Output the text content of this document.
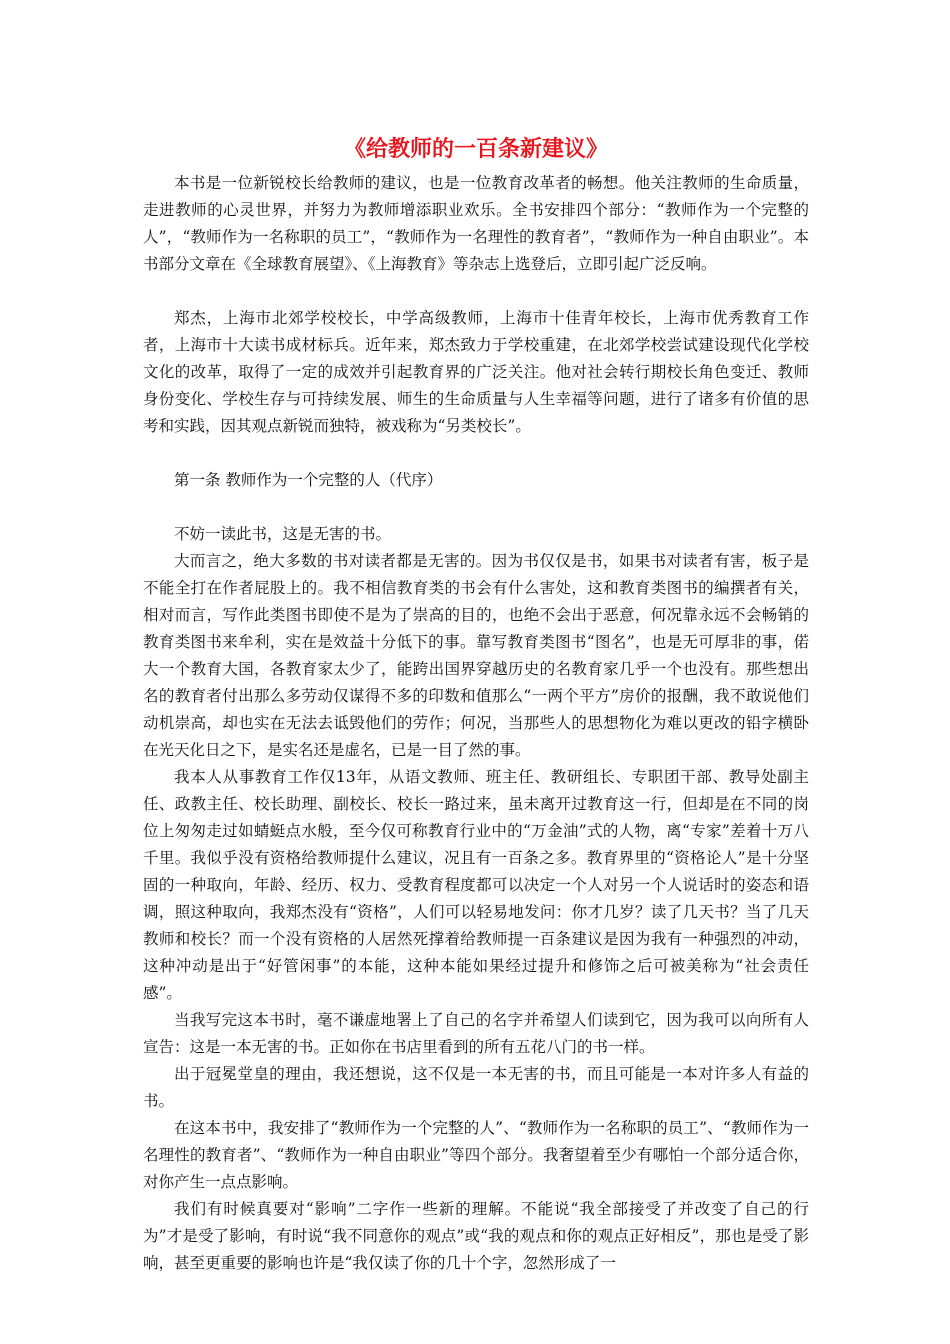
《给教师的一百条新建议》

本书是一位新锐校长给教师的建议，也是一位教育改革者的畅想。他关注教师的生命质量，走进教师的心灵世界，并努力为教师增添职业欢乐。全书安排四个部分：“教师作为一个完整的人”，“教师作为一名称职的员工”，“教师作为一名理性的教育者”，“教师作为一种自由职业”。本书部分文章在《全球教育展望》、《上海教育》等杂志上选登后，立即引起广泛反响。

郑杰，上海市北郊学校校长，中学高级教师，上海市十佳青年校长，上海市优秀教育工作者，上海市十大读书成材标兵。近年来，郑杰致力于学校重建，在北郊学校尝试建设现代化学校文化的改革，取得了一定的成效并引起教育界的广泛关注。他对社会转行期校长角色变迁、教师身份变化、学校生存与可持续发展、师生的生命质量与人生幸福等问题，进行了诸多有价值的思考和实践，因其观点新锐而独特，被戏称为“另类校长”。

第一条 教师作为一个完整的人（代序）

不妨一读此书，这是无害的书。

大而言之，绝大多数的书对读者都是无害的。因为书仅仅是书，如果书对读者有害，板子是不能全打在作者屁股上的。我不相信教育类的书会有什么害处，这和教育类图书的编撰者有关，相对而言，写作此类图书即使不是为了崇高的目的，也绝不会出于恶意，何况靠永远不会畅销的教育类图书来牟利，实在是效益十分低下的事。靠写教育类图书“图名”，也是无可厚非的事，偌大一个教育大国，各教育家太少了，能跨出国界穿越历史的名教育家几乎一个也没有。那些想出名的教育者付出那么多劳动仅谋得不多的印数和值那么“一两个平方”房价的报酬，我不敢说他们动机崇高，却也实在无法去诋毁他们的劳作；何况，当那些人的思想物化为难以更改的铅字横卧在光天化日之下，是实名还是虚名，已是一目了然的事。

我本人从事教育工作仅13年，从语文教师、班主任、教研组长、专职团干部、教导处副主任、政教主任、校长助理、副校长、校长一路过来，虽未离开过教育这一行，但却是在不同的岗位上匆匆走过如蜻蜓点水般，至今仅可称教育行业中的“万金油”式的人物，离“专家”差着十万八千里。我似乎没有资格给教师提什么建议，况且有一百条之多。教育界里的“资格论人”是十分坚固的一种取向，年龄、经历、权力、受教育程度都可以决定一个人对另一个人说话时的姿态和语调，照这种取向，我郑杰没有“资格”，人们可以轻易地发问：你才几岁？读了几天书？当了几天教师和校长？而一个没有资格的人居然死撑着给教师提一百条建议是因为我有一种强烈的冲动，这种冲动是出于“好管闲事”的本能，这种本能如果经过提升和修饰之后可被美称为“社会责任感”。

当我写完这本书时，毫不谦虚地署上了自己的名字并希望人们读到它，因为我可以向所有人宣告：这是一本无害的书。正如你在书店里看到的所有五花八门的书一样。

出于冠冕堂皇的理由，我还想说，这不仅是一本无害的书，而且可能是一本对许多人有益的书。

在这本书中，我安排了“教师作为一个完整的人”、“教师作为一名称职的员工”、“教师作为一名理性的教育者”、“教师作为一种自由职业”等四个部分。我奢望着至少有哪怕一个部分适合你，对你产生一点点影响。

我们有时候真要对“影响”二字作一些新的理解。不能说“我全部接受了并改变了自己的行为”才是受了影响，有时说“我不同意你的观点”或“我的观点和你的观点正好相反”，那也是受了影响，甚至更重要的影响也许是“我仅读了你的几十个字，忽然形成了一
